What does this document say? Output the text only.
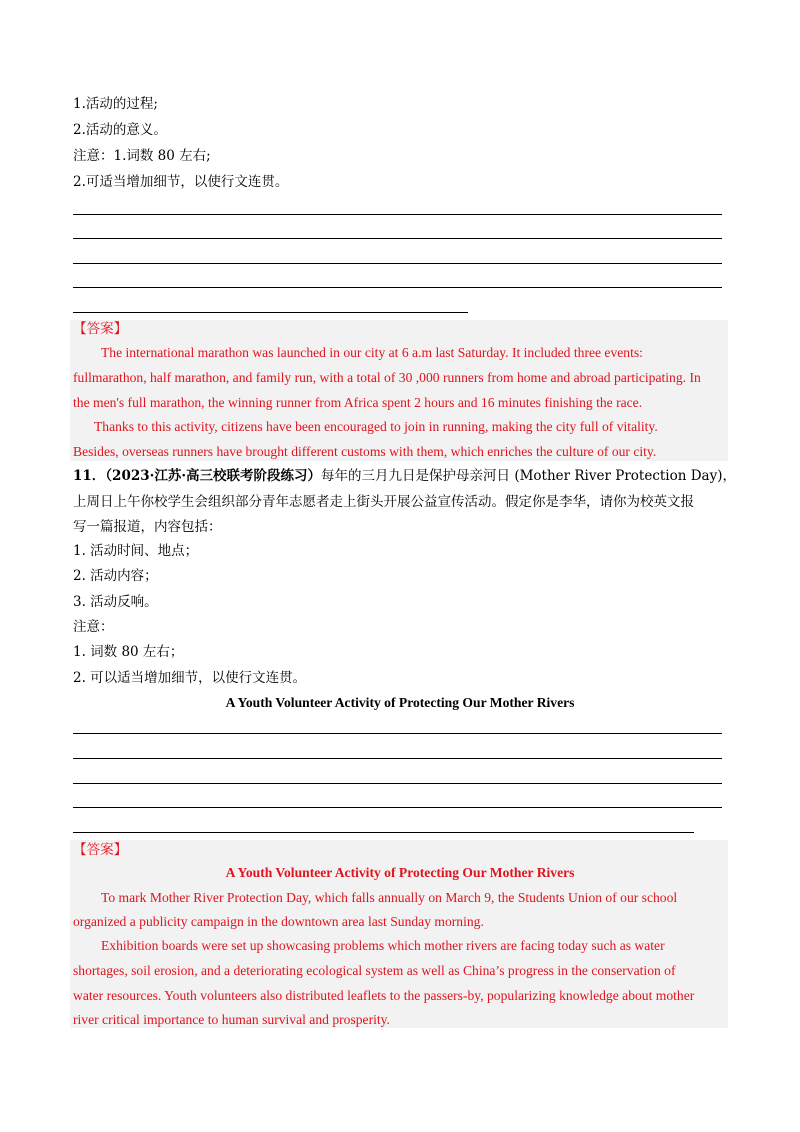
1.活动的过程;
2.活动的意义。
注意：1.词数 80 左右;
2.可适当增加细节，以使行文连贯。
【答案】
The international marathon was launched in our city at 6 a.m last Saturday. It included three events:
fullmarathon, half marathon, and family run, with a total of 30 ,000 runners from home and abroad participating. In
the men's full marathon, the winning runner from Africa spent 2 hours and 16 minutes finishing the race.
Thanks to this activity, citizens have been encouraged to join in running, making the city full of vitality.
Besides, overseas runners have brought different customs with them, which enriches the culture of our city.
11．（2023·江苏·高三校联考阶段练习）每年的三月九日是保护母亲河日 (Mother River Protection Day)，
上周日上午你校学生会组织部分青年志愿者走上街头开展公益宣传活动。假定你是李华，请你为校英文报
写一篇报道，内容包括：
1. 活动时间、地点；
2. 活动内容；
3. 活动反响。
注意：
1. 词数 80 左右；
2. 可以适当增加细节，以使行文连贯。
A Youth Volunteer Activity of Protecting Our Mother Rivers
【答案】
A Youth Volunteer Activity of Protecting Our Mother Rivers
To mark Mother River Protection Day, which falls annually on March 9, the Students Union of our school
organized a publicity campaign in the downtown area last Sunday morning.
Exhibition boards were set up showcasing problems which mother rivers are facing today such as water
shortages, soil erosion, and a deteriorating ecological system as well as China’s progress in the conservation of
water resources. Youth volunteers also distributed leaflets to the passers-by, popularizing knowledge about mother
river critical importance to human survival and prosperity.
